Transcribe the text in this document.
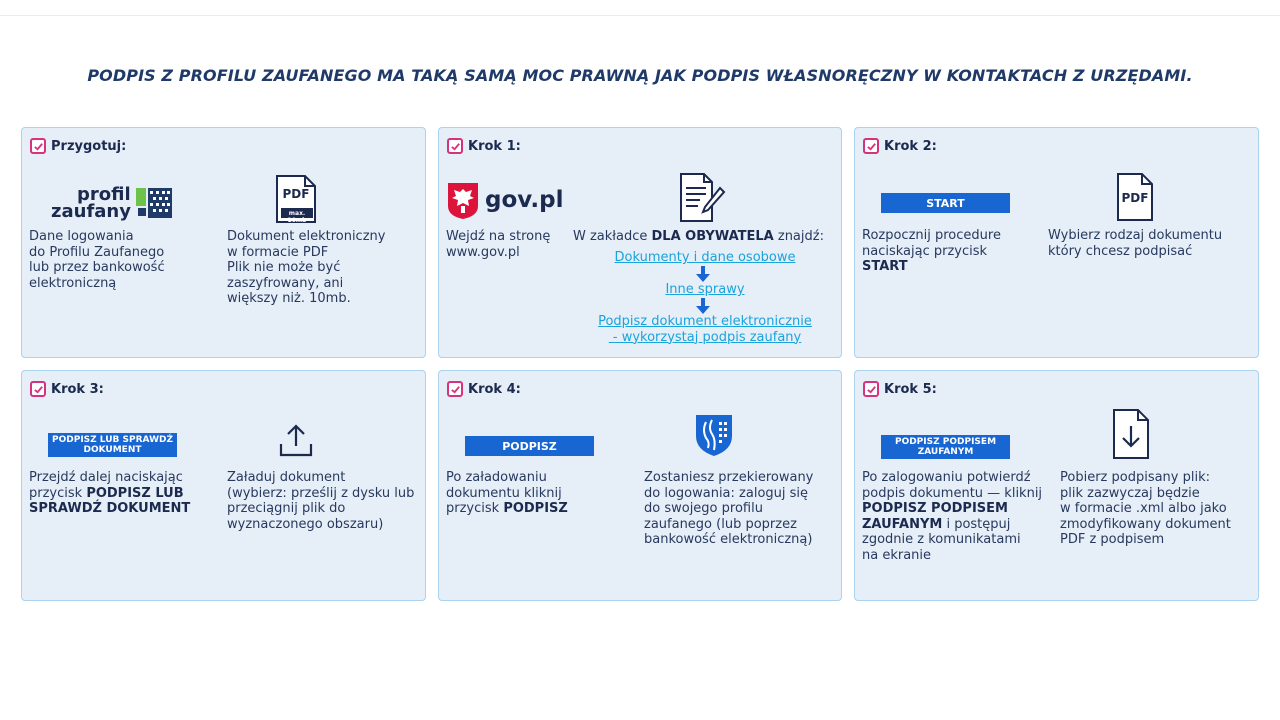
PODPIS Z PROFILU ZAUFANEGO MA TAKĄ SAMĄ MOC PRAWNĄ JAK PODPIS WŁASNORĘCZNY W KONTAKTACH Z URZĘDAMI.
Przygotuj:
profil
zaufany
Dane logowania
do Profilu Zaufanego
lub przez bankowość
elektroniczną
PDF
max. 10mb
Dokument elektroniczny
w formacie PDF
Plik nie może być
zaszyfrowany, ani
większy niż. 10mb.
Krok 1:
gov.pl
Wejdź na stronę
www.gov.pl
W zakładce DLA OBYWATELA znajdź:
Dokumenty i dane osobowe
Inne sprawy
Podpisz dokument elektronicznie
- wykorzystaj podpis zaufany
Krok 2:
START
Rozpocznij procedure
naciskając przycisk
START
PDF
Wybierz rodzaj dokumentu
który chcesz podpisać
Krok 3:
PODPISZ LUB SPRAWDŹ DOKUMENT
Przejdź dalej naciskając
przycisk PODPISZ LUB
SPRAWDŹ DOKUMENT
Załaduj dokument
(wybierz: prześlij z dysku lub
przeciągnij plik do
wyznaczonego obszaru)
Krok 4:
PODPISZ
Po załadowaniu
dokumentu kliknij
przycisk PODPISZ
Zostaniesz przekierowany
do logowania: zaloguj się
do swojego profilu
zaufanego (lub poprzez
bankowość elektroniczną)
Krok 5:
PODPISZ PODPISEM
ZAUFANYM
Po zalogowaniu potwierdź
podpis dokumentu — kliknij
PODPISZ PODPISEM
ZAUFANYM i postępuj
zgodnie z komunikatami
na ekranie
Pobierz podpisany plik:
plik zazwyczaj będzie
w formacie .xml albo jako
zmodyfikowany dokument
PDF z podpisem
